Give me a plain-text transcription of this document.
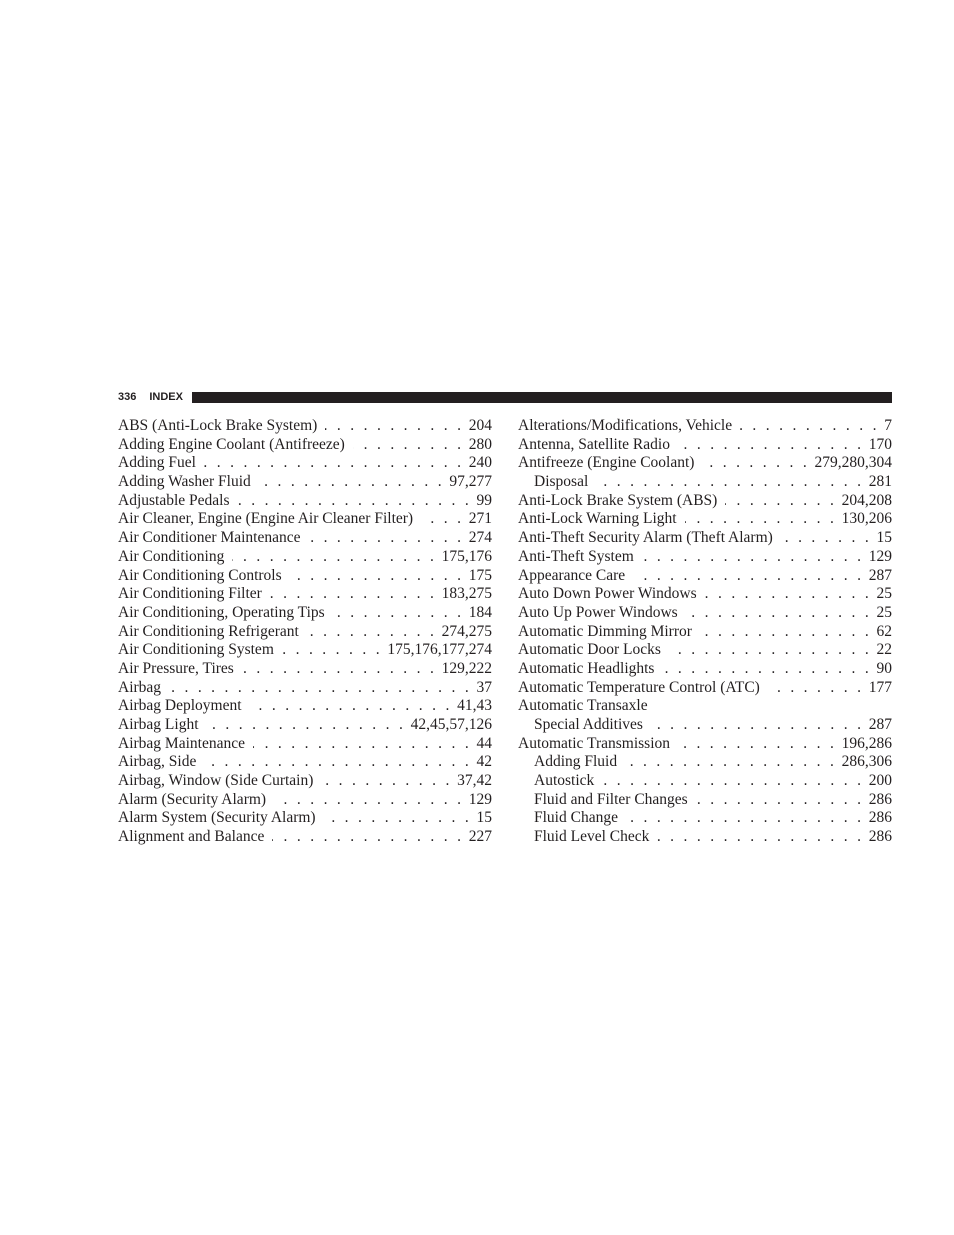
336 INDEX
ABS (Anti-Lock Brake System) . . .	204
Adding Engine Coolant (Antifreeze) . . .	280
Adding Fuel . . .	240
Adding Washer Fluid . . .	97,277
Adjustable Pedals . . .	99
Air Cleaner, Engine (Engine Air Cleaner Filter) . . .	271
Air Conditioner Maintenance . . .	274
Air Conditioning . . .	175,176
Air Conditioning Controls . . .	175
Air Conditioning Filter . . .	183,275
Air Conditioning, Operating Tips . . .	184
Air Conditioning Refrigerant . . .	274,275
Air Conditioning System . . .	175,176,177,274
Air Pressure, Tires . . .	129,222
Airbag . . .	37
Airbag Deployment . . .	41,43
Airbag Light . . .	42,45,57,126
Airbag Maintenance . . .	44
Airbag, Side . . .	42
Airbag, Window (Side Curtain) . . .	37,42
Alarm (Security Alarm) . . .	129
Alarm System (Security Alarm) . . .	15
Alignment and Balance . . .	227
Alterations/Modifications, Vehicle . . .	7
Antenna, Satellite Radio . . .	170
Antifreeze (Engine Coolant) . . .	279,280,304
Disposal . . .	281
Anti-Lock Brake System (ABS) . . .	204,208
Anti-Lock Warning Light . . .	130,206
Anti-Theft Security Alarm (Theft Alarm) . . .	15
Anti-Theft System . . .	129
Appearance Care . . .	287
Auto Down Power Windows . . .	25
Auto Up Power Windows . . .	25
Automatic Dimming Mirror . . .	62
Automatic Door Locks . . .	22
Automatic Headlights . . .	90
Automatic Temperature Control (ATC) . . .	177
Automatic Transaxle
Special Additives . . .	287
Automatic Transmission . . .	196,286
Adding Fluid . . .	286,306
Autostick . . .	200
Fluid and Filter Changes . . .	286
Fluid Change . . .	286
Fluid Level Check . . .	286
